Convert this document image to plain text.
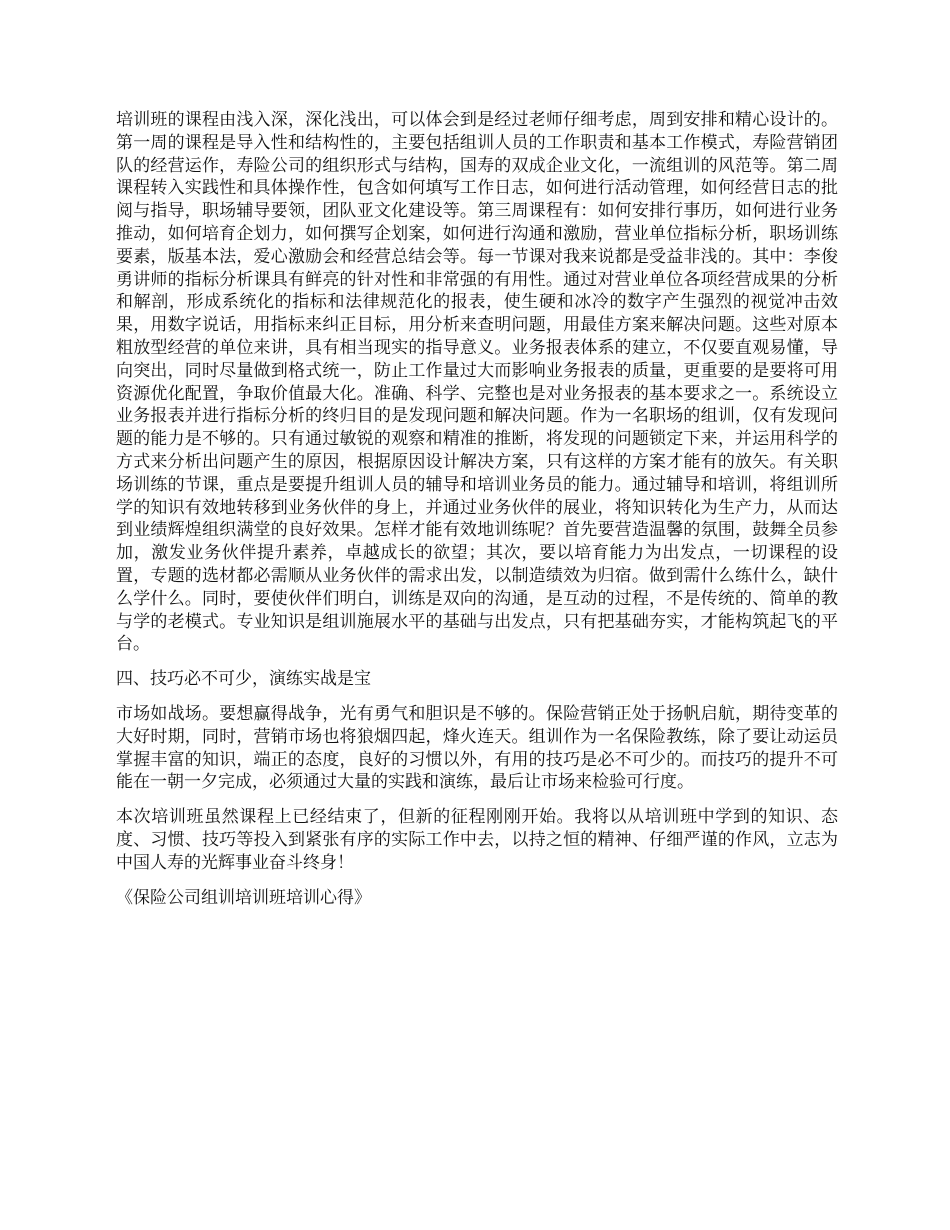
培训班的课程由浅入深，深化浅出，可以体会到是经过老师仔细考虑，周到安排和精心设计的。第一周的课程是导入性和结构性的，主要包括组训人员的工作职责和基本工作模式，寿险营销团队的经营运作，寿险公司的组织形式与结构，国寿的双成企业文化，一流组训的风范等。第二周课程转入实践性和具体操作性，包含如何填写工作日志，如何进行活动管理，如何经营日志的批阅与指导，职场辅导要领，团队亚文化建设等。第三周课程有：如何安排行事历，如何进行业务推动，如何培育企划力，如何撰写企划案，如何进行沟通和激励，营业单位指标分析，职场训练要素，版基本法，爱心激励会和经营总结会等。每一节课对我来说都是受益非浅的。其中：李俊勇讲师的指标分析课具有鲜亮的针对性和非常强的有用性。通过对营业单位各项经营成果的分析和解剖，形成系统化的指标和法律规范化的报表，使生硬和冰冷的数字产生强烈的视觉冲击效果，用数字说话，用指标来纠正目标，用分析来查明问题，用最佳方案来解决问题。这些对原本粗放型经营的单位来讲，具有相当现实的指导意义。业务报表体系的建立，不仅要直观易懂，导向突出，同时尽量做到格式统一，防止工作量过大而影响业务报表的质量，更重要的是要将可用资源优化配置，争取价值最大化。准确、科学、完整也是对业务报表的基本要求之一。系统设立业务报表并进行指标分析的终归目的是发现问题和解决问题。作为一名职场的组训，仅有发现问题的能力是不够的。只有通过敏锐的观察和精准的推断，将发现的问题锁定下来，并运用科学的方式来分析出问题产生的原因，根据原因设计解决方案，只有这样的方案才能有的放矢。有关职场训练的节课，重点是要提升组训人员的辅导和培训业务员的能力。通过辅导和培训，将组训所学的知识有效地转移到业务伙伴的身上，并通过业务伙伴的展业，将知识转化为生产力，从而达到业绩辉煌组织满堂的良好效果。怎样才能有效地训练呢？首先要营造温馨的氛围，鼓舞全员参加，激发业务伙伴提升素养，卓越成长的欲望；其次，要以培育能力为出发点，一切课程的设置，专题的选材都必需顺从业务伙伴的需求出发，以制造绩效为归宿。做到需什么练什么，缺什么学什么。同时，要使伙伴们明白，训练是双向的沟通，是互动的过程，不是传统的、简单的教与学的老模式。专业知识是组训施展水平的基础与出发点，只有把基础夯实，才能构筑起飞的平台。

四、技巧必不可少，演练实战是宝

市场如战场。要想赢得战争，光有勇气和胆识是不够的。保险营销正处于扬帆启航，期待变革的大好时期，同时，营销市场也将狼烟四起，烽火连天。组训作为一名保险教练，除了要让动运员掌握丰富的知识，端正的态度，良好的习惯以外，有用的技巧是必不可少的。而技巧的提升不可能在一朝一夕完成，必须通过大量的实践和演练，最后让市场来检验可行度。

本次培训班虽然课程上已经结束了，但新的征程刚刚开始。我将以从培训班中学到的知识、态度、习惯、技巧等投入到紧张有序的实际工作中去，以持之恒的精神、仔细严谨的作风，立志为中国人寿的光辉事业奋斗终身！

《保险公司组训培训班培训心得》
